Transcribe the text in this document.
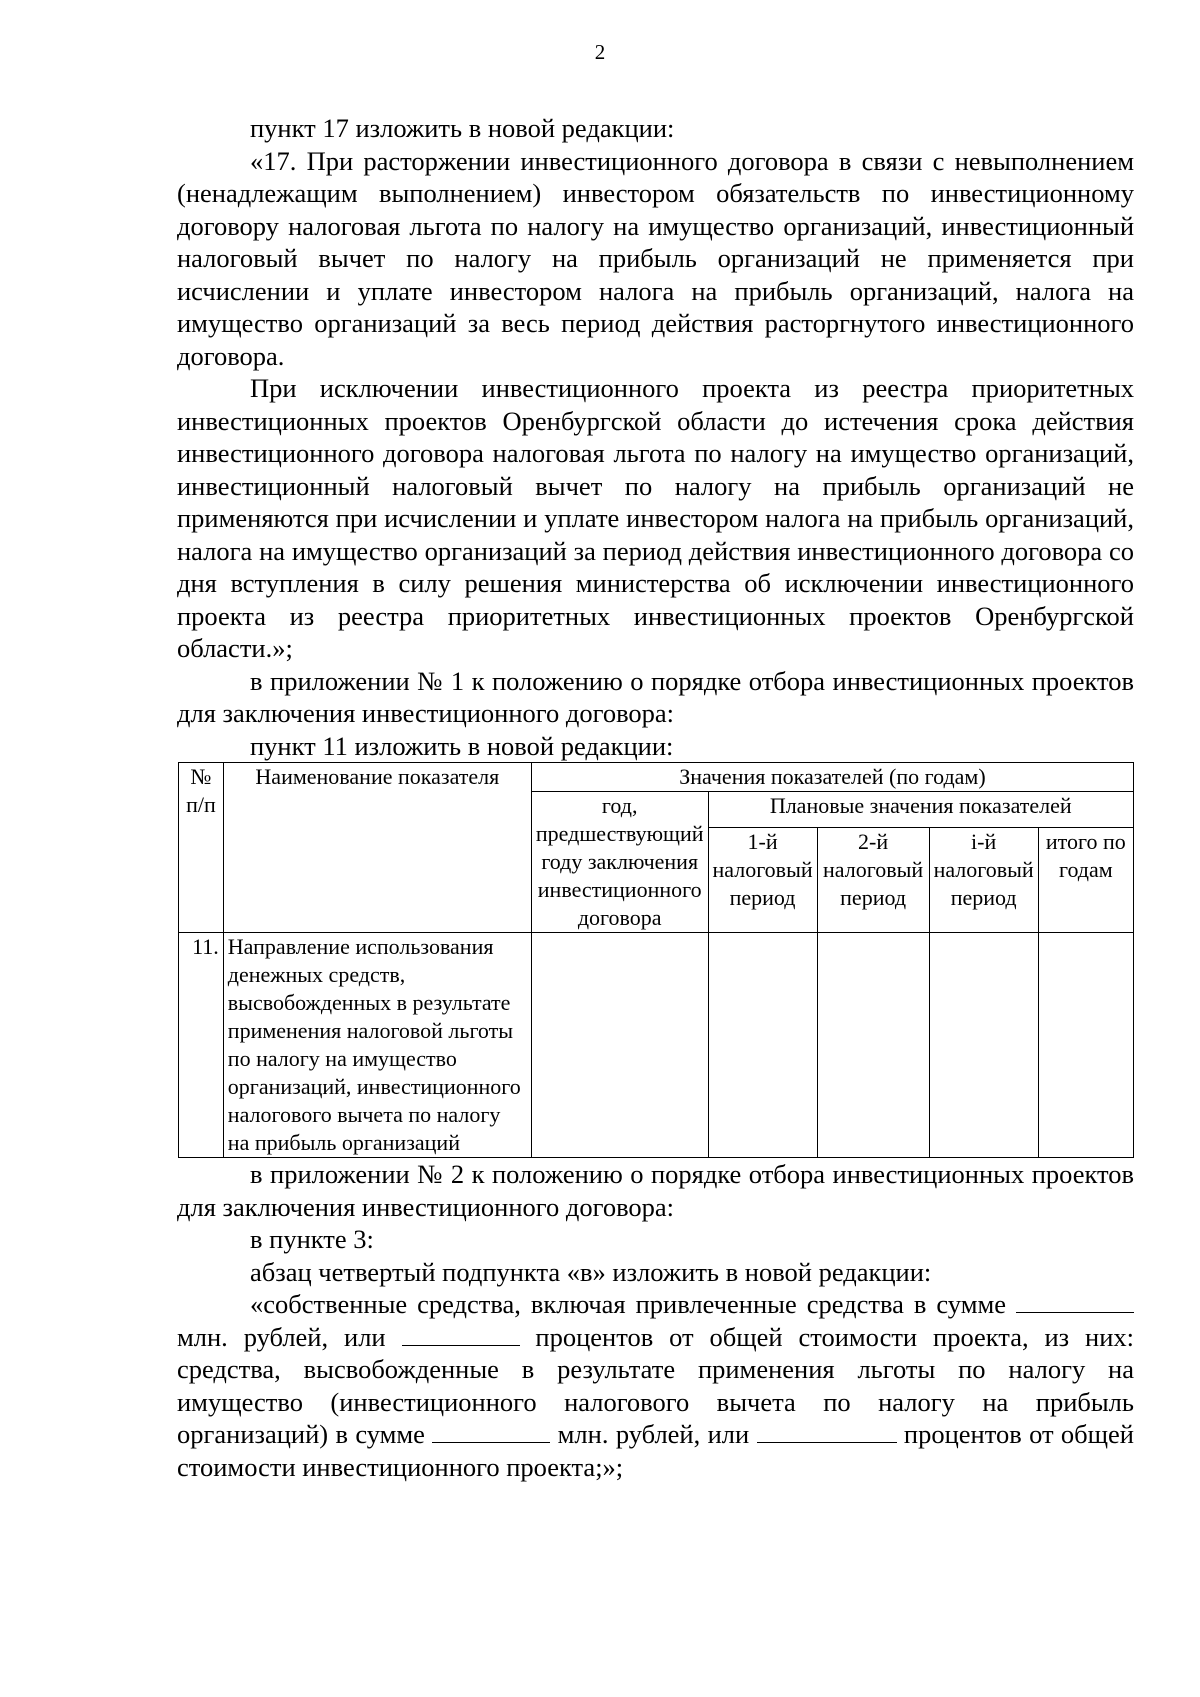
2

пункт 17 изложить в новой редакции:

«17. При расторжении инвестиционного договора в связи с невыполнением (ненадлежащим выполнением) инвестором обязательств по инвестиционному договору налоговая льгота по налогу на имущество организаций, инвестиционный налоговый вычет по налогу на прибыль организаций не применяется при исчислении и уплате инвестором налога на прибыль организаций, налога на имущество организаций за весь период действия расторгнутого инвестиционного договора.

При исключении инвестиционного проекта из реестра приоритетных инвестиционных проектов Оренбургской области до истечения срока действия инвестиционного договора налоговая льгота по налогу на имущество организаций, инвестиционный налоговый вычет по налогу на прибыль организаций не применяются при исчислении и уплате инвестором налога на прибыль организаций, налога на имущество организаций за период действия инвестиционного договора со дня вступления в силу решения министерства об исключении инвестиционного проекта из реестра приоритетных инвестиционных проектов Оренбургской области.»;

в приложении № 1 к положению о порядке отбора инвестиционных проектов для заключения инвестиционного договора:

пункт 11 изложить в новой редакции:

№ п/п	Наименование показателя	Значения показателей (по годам)				
		год, предшествующий году заключения инвестиционного договора	Плановые значения показателей			
			1-й налоговый период	2-й налоговый период	i-й налоговый период	итого по годам
11.	Направление использования денежных средств, высвобожденных в результате применения налоговой льготы по налогу на имущество организаций, инвестиционного налогового вычета по налогу на прибыль организаций					

в приложении № 2 к положению о порядке отбора инвестиционных проектов для заключения инвестиционного договора:

в пункте 3:

абзац четвертый подпункта «в» изложить в новой редакции:

«собственные средства, включая привлеченные средства в сумме  млн. рублей, или	процентов от общей стоимости проекта, из них: средства, высвобожденные в результате применения льготы по налогу на имущество (инвестиционного налогового вычета по налогу на прибыль организаций) в сумме	млн. рублей, или	процентов от общей стоимости инвестиционного проекта;»;
